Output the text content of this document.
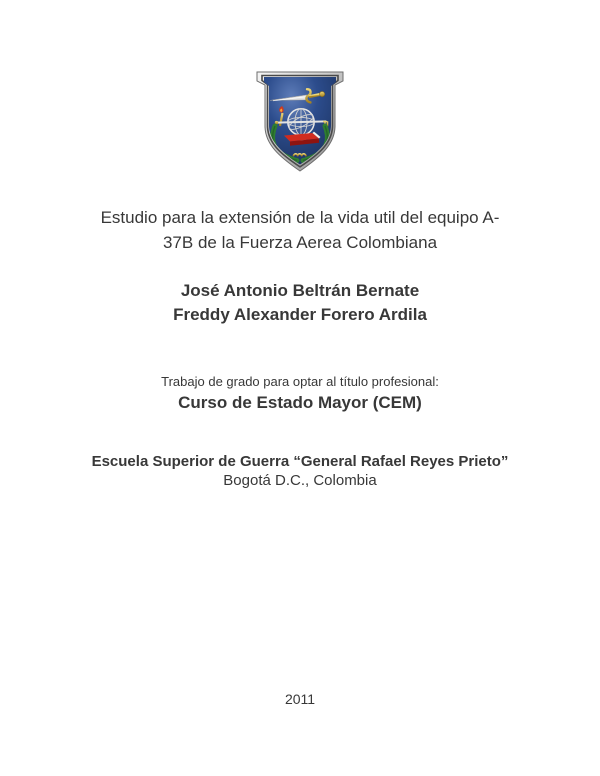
Estudio para la extensión de la vida util del equipo A-
37B de la Fuerza Aerea Colombiana
José Antonio Beltrán Bernate
Freddy Alexander Forero Ardila
Trabajo de grado para optar al título profesional:
Curso de Estado Mayor (CEM)
Escuela Superior de Guerra “General Rafael Reyes Prieto”
Bogotá D.C., Colombia
2011
